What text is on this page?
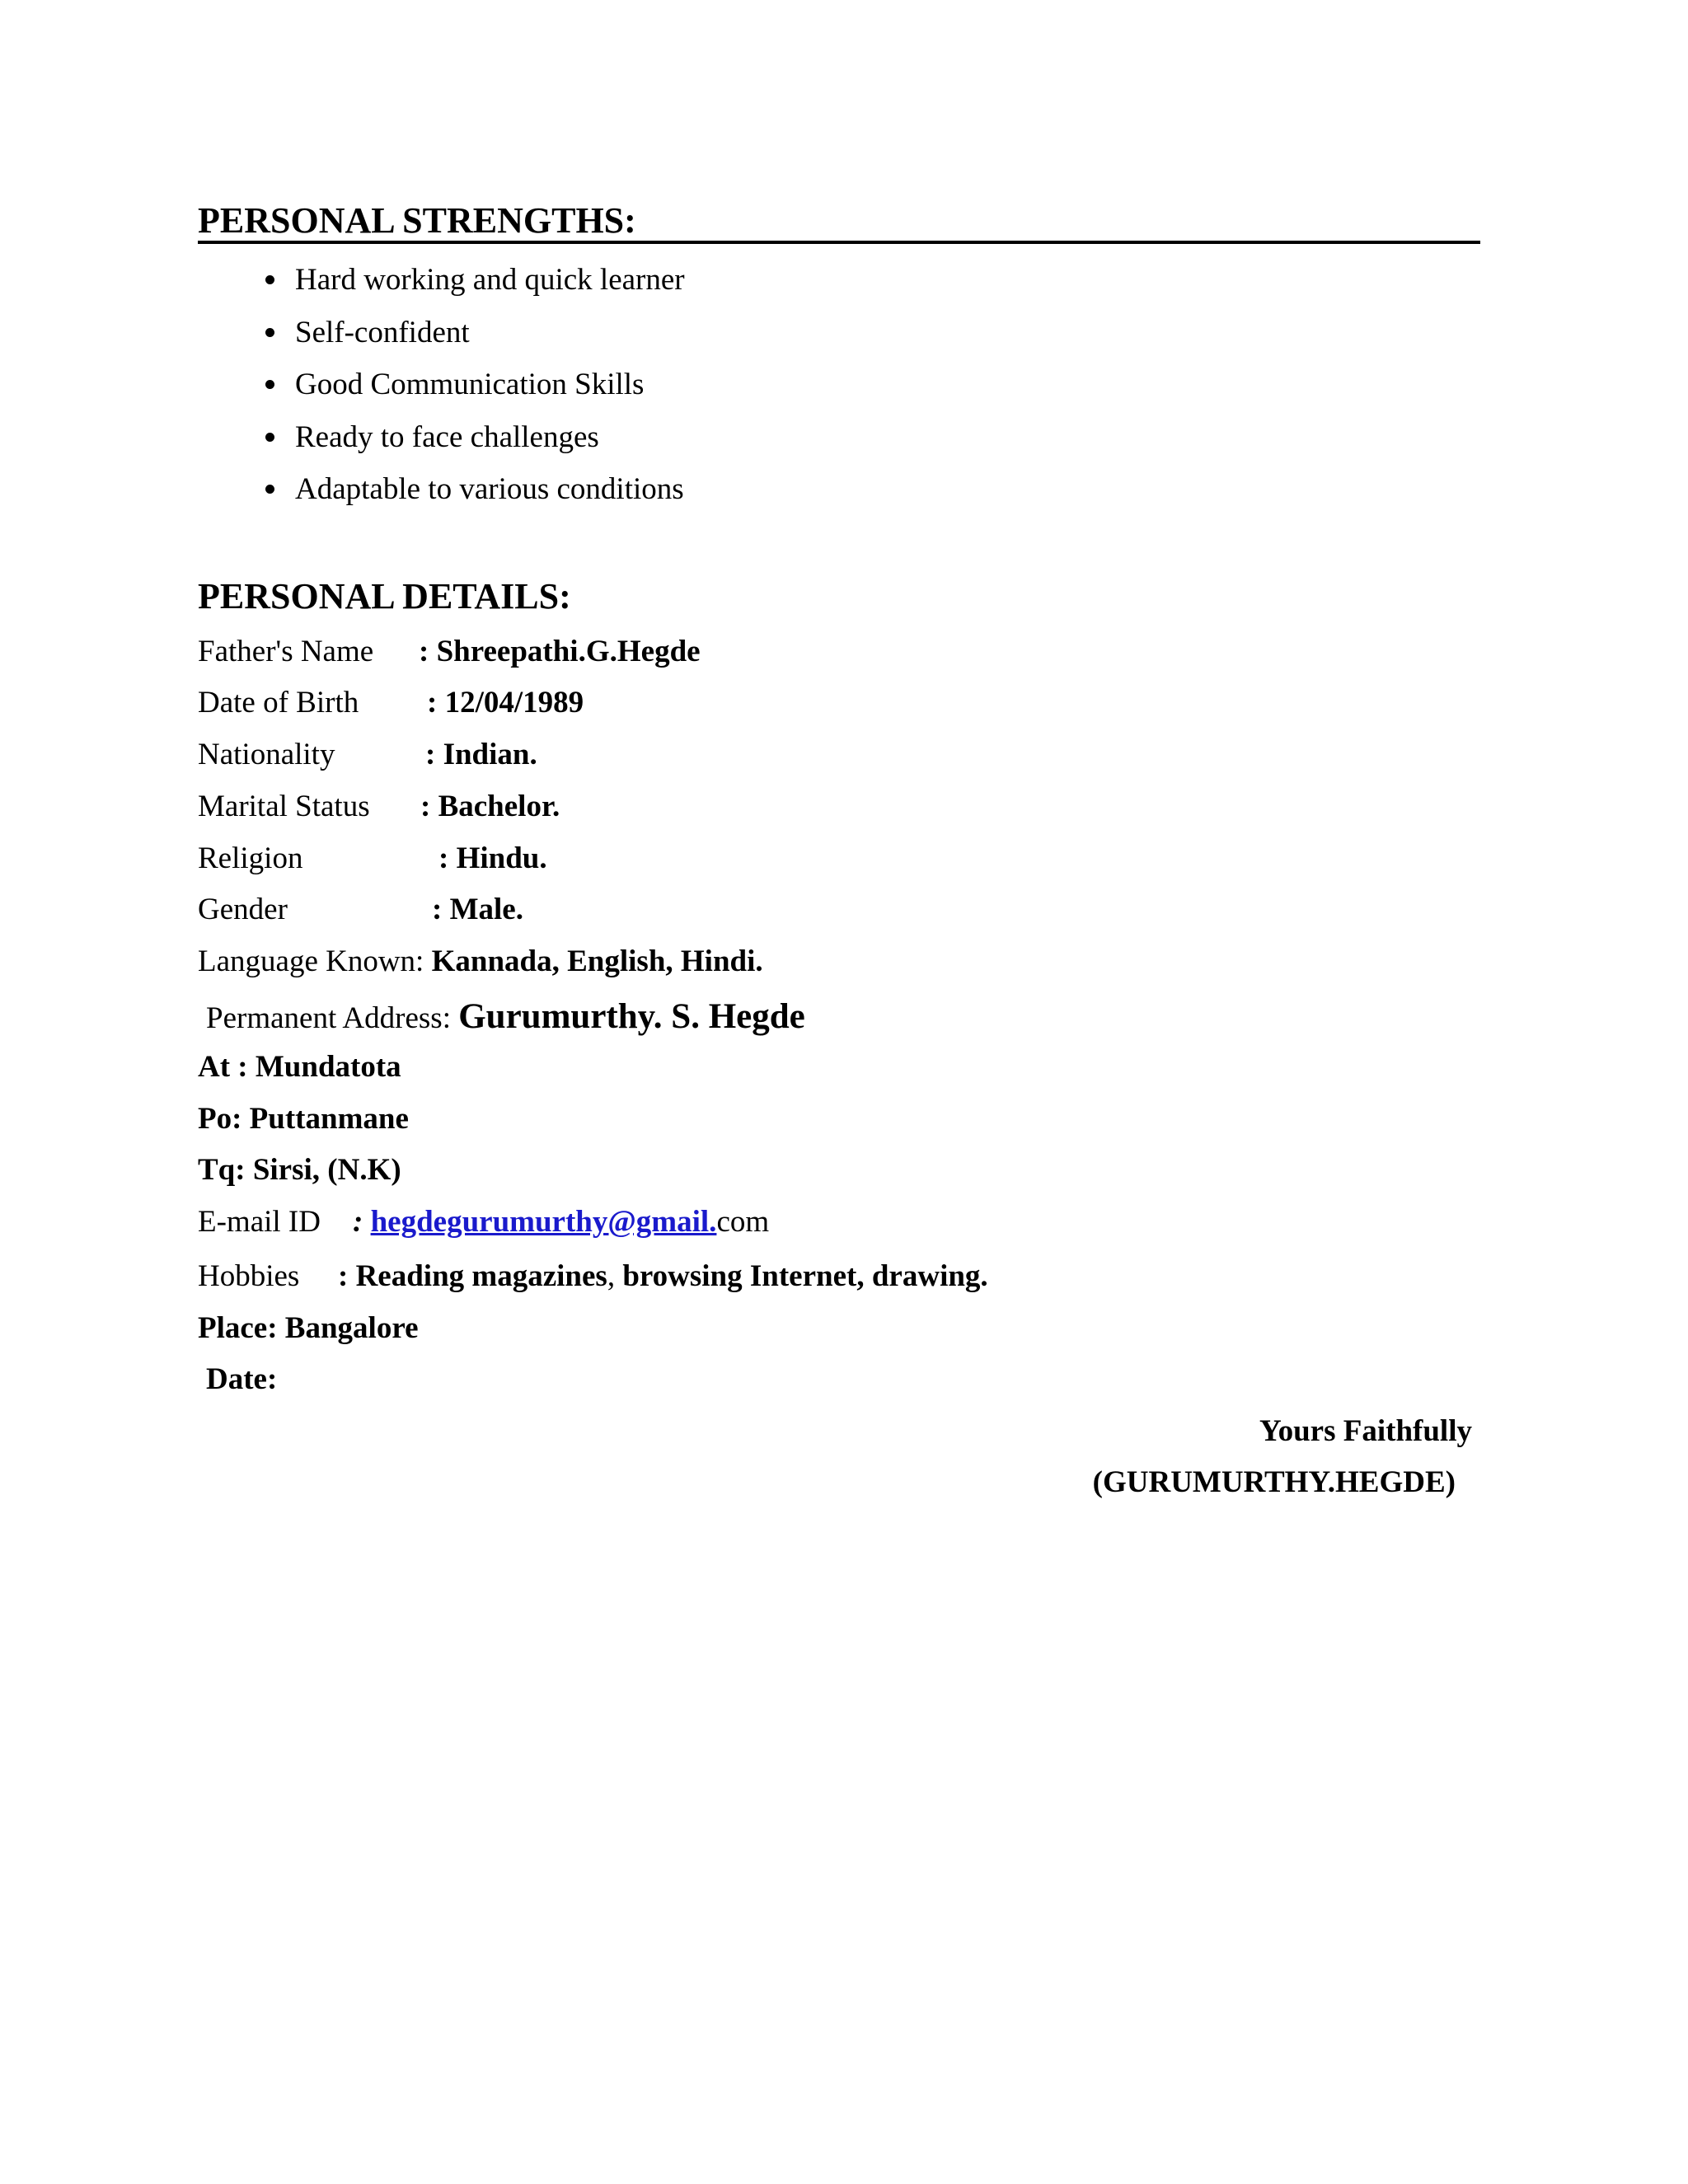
PERSONAL STRENGTHS:
Hard working and quick learner
Self-confident
Good Communication Skills
Ready to face challenges
Adaptable to various conditions
PERSONAL DETAILS:
Father's Name : Shreepathi.G.Hegde
Date of Birth : 12/04/1989
Nationality	: Indian.
Marital Status : Bachelor.
Religion	: Hindu.
Gender	: Male.
Language Known: Kannada, English, Hindi.
Permanent Address: Gurumurthy. S. Hegde
At : Mundatota
Po: Puttanmane
Tq: Sirsi, (N.K)
E-mail ID : hegdegurumurthy@gmail.com
Hobbies : Reading magazines, browsing Internet, drawing.
Place: Bangalore
Date:
Yours Faithfully
(GURUMURTHY.HEGDE)
